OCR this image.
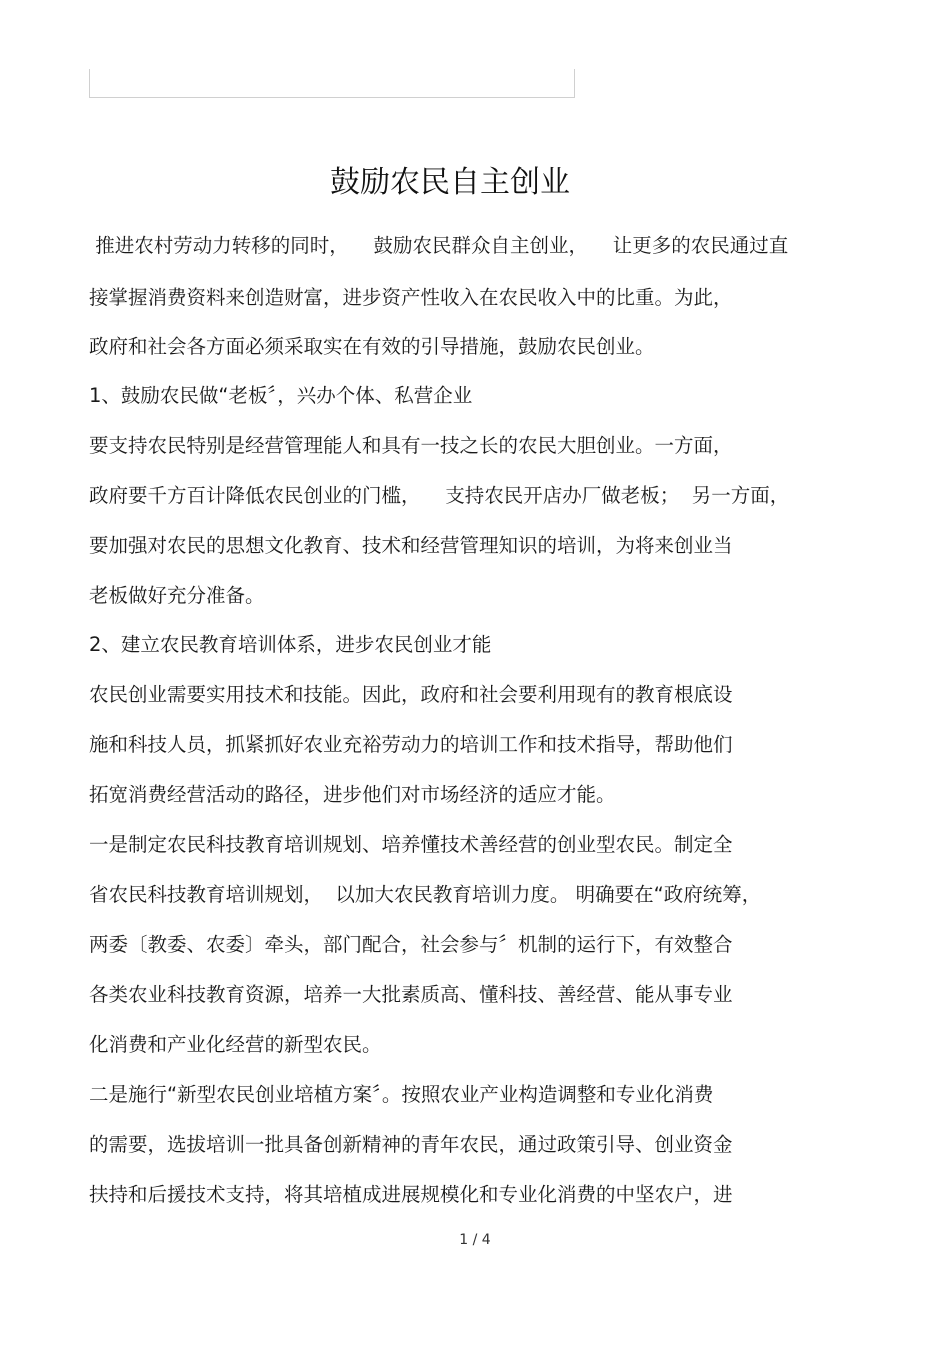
鼓励农民自主创业
推进农村劳动力转移的同时，    鼓励农民群众自主创业，    让更多的农民通过直
接掌握消费资料来创造财富，进步资产性收入在农民收入中的比重。为此，
政府和社会各方面必须采取实在有效的引导措施，鼓励农民创业。
1、鼓励农民做“老板〞，兴办个体、私营企业
要支持农民特别是经营管理能人和具有一技之长的农民大胆创业。一方面，
政府要千方百计降低农民创业的门槛，    支持农民开店办厂做老板；  另一方面，
要加强对农民的思想文化教育、技术和经营管理知识的培训，为将来创业当
老板做好充分准备。
2、建立农民教育培训体系，进步农民创业才能
农民创业需要实用技术和技能。因此，政府和社会要利用现有的教育根底设
施和科技人员，抓紧抓好农业充裕劳动力的培训工作和技术指导，帮助他们
拓宽消费经营活动的路径，进步他们对市场经济的适应才能。
一是制定农民科技教育培训规划、培养懂技术善经营的创业型农民。制定全
省农民科技教育培训规划，  以加大农民教育培训力度。 明确要在“政府统筹，
两委〔教委、农委〕牵头，部门配合，社会参与〞机制的运行下，有效整合
各类农业科技教育资源，培养一大批素质高、懂科技、善经营、能从事专业
化消费和产业化经营的新型农民。
二是施行“新型农民创业培植方案〞。按照农业产业构造调整和专业化消费
的需要，选拔培训一批具备创新精神的青年农民，通过政策引导、创业资金
扶持和后援技术支持，将其培植成进展规模化和专业化消费的中坚农户，进
1 / 4
